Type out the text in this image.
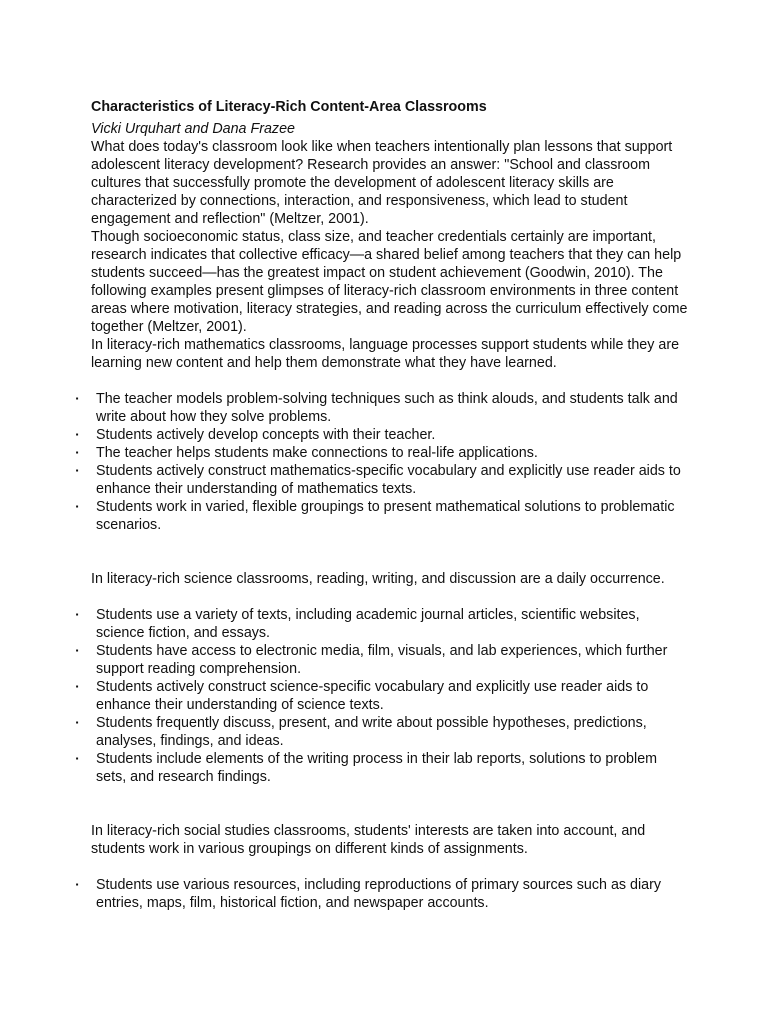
Characteristics of Literacy-Rich Content-Area Classrooms

Vicki Urquhart and Dana Frazee

What does today's classroom look like when teachers intentionally plan lessons that support adolescent literacy development? Research provides an answer: "School and classroom cultures that successfully promote the development of adolescent literacy skills are characterized by connections, interaction, and responsiveness, which lead to student engagement and reflection" (Meltzer, 2001).

Though socioeconomic status, class size, and teacher credentials certainly are important, research indicates that collective efficacy—a shared belief among teachers that they can help students succeed—has the greatest impact on student achievement (Goodwin, 2010). The following examples present glimpses of literacy-rich classroom environments in three content areas where motivation, literacy strategies, and reading across the curriculum effectively come together (Meltzer, 2001).

In literacy-rich mathematics classrooms, language processes support students while they are learning new content and help them demonstrate what they have learned.

▪	The teacher models problem-solving techniques such as think alouds, and students talk and write about how they solve problems.
▪	Students actively develop concepts with their teacher.
▪	The teacher helps students make connections to real-life applications.
▪	Students actively construct mathematics-specific vocabulary and explicitly use reader aids to enhance their understanding of mathematics texts.
▪	Students work in varied, flexible groupings to present mathematical solutions to problematic scenarios.

In literacy-rich science classrooms, reading, writing, and discussion are a daily occurrence.

▪	Students use a variety of texts, including academic journal articles, scientific websites, science fiction, and essays.
▪	Students have access to electronic media, film, visuals, and lab experiences, which further support reading comprehension.
▪	Students actively construct science-specific vocabulary and explicitly use reader aids to enhance their understanding of science texts.
▪	Students frequently discuss, present, and write about possible hypotheses, predictions, analyses, findings, and ideas.
▪	Students include elements of the writing process in their lab reports, solutions to problem sets, and research findings.

In literacy-rich social studies classrooms, students' interests are taken into account, and students work in various groupings on different kinds of assignments.

▪	Students use various resources, including reproductions of primary sources such as diary entries, maps, film, historical fiction, and newspaper accounts.
